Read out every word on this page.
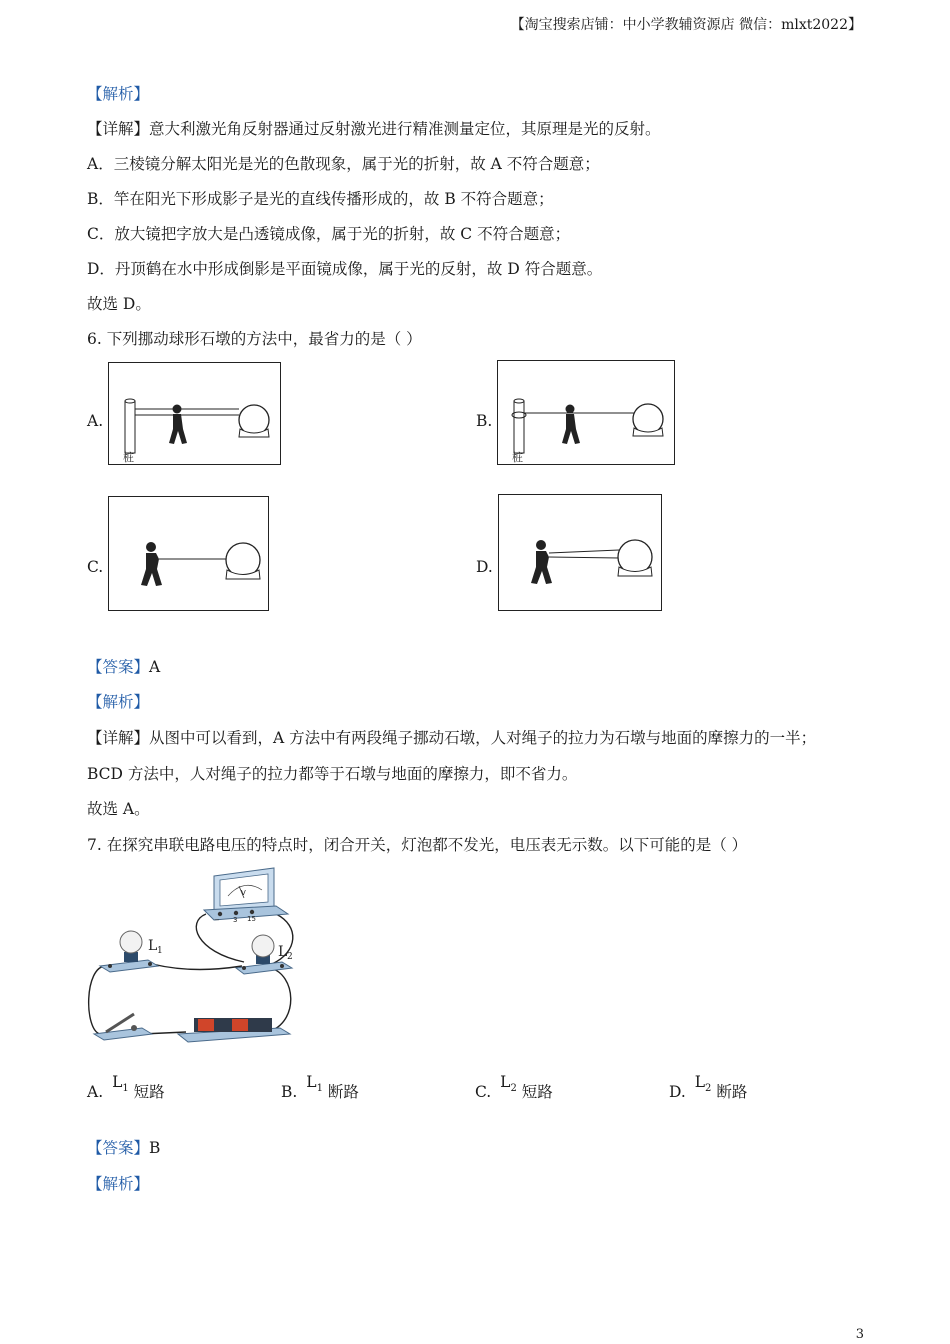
【淘宝搜索店铺：中小学教辅资源店 微信：mlxt2022】
【解析】
【详解】意大利激光角反射器通过反射激光进行精准测量定位，其原理是光的反射。
A．三棱镜分解太阳光是光的色散现象，属于光的折射，故 A 不符合题意；
B．竿在阳光下形成影子是光的直线传播形成的，故 B 不符合题意；
C．放大镜把字放大是凸透镜成像，属于光的折射，故 C 不符合题意；
D．丹顶鹤在水中形成倒影是平面镜成像，属于光的反射，故 D 符合题意。
故选 D。
6. 下列挪动球形石墩的方法中，最省力的是（ ）
A.
桩
B.
桩
C.	D.
【答案】A
【解析】
【详解】从图中可以看到，A 方法中有两段绳子挪动石墩，人对绳子的拉力为石墩与地面的摩擦力的一半；
BCD 方法中，人对绳子的拉力都等于石墩与地面的摩擦力，即不省力。
故选 A。
7. 在探究串联电路电压的特点时，闭合开关，灯泡都不发光，电压表无示数。以下可能的是（ ）
L 1	L 2
V
− 3 15
A. $L^1$ 短路	B. $L^1$ 断路	C. $L^2$ 短路	D. $L^2$ 断路
【答案】B
【解析】
3
